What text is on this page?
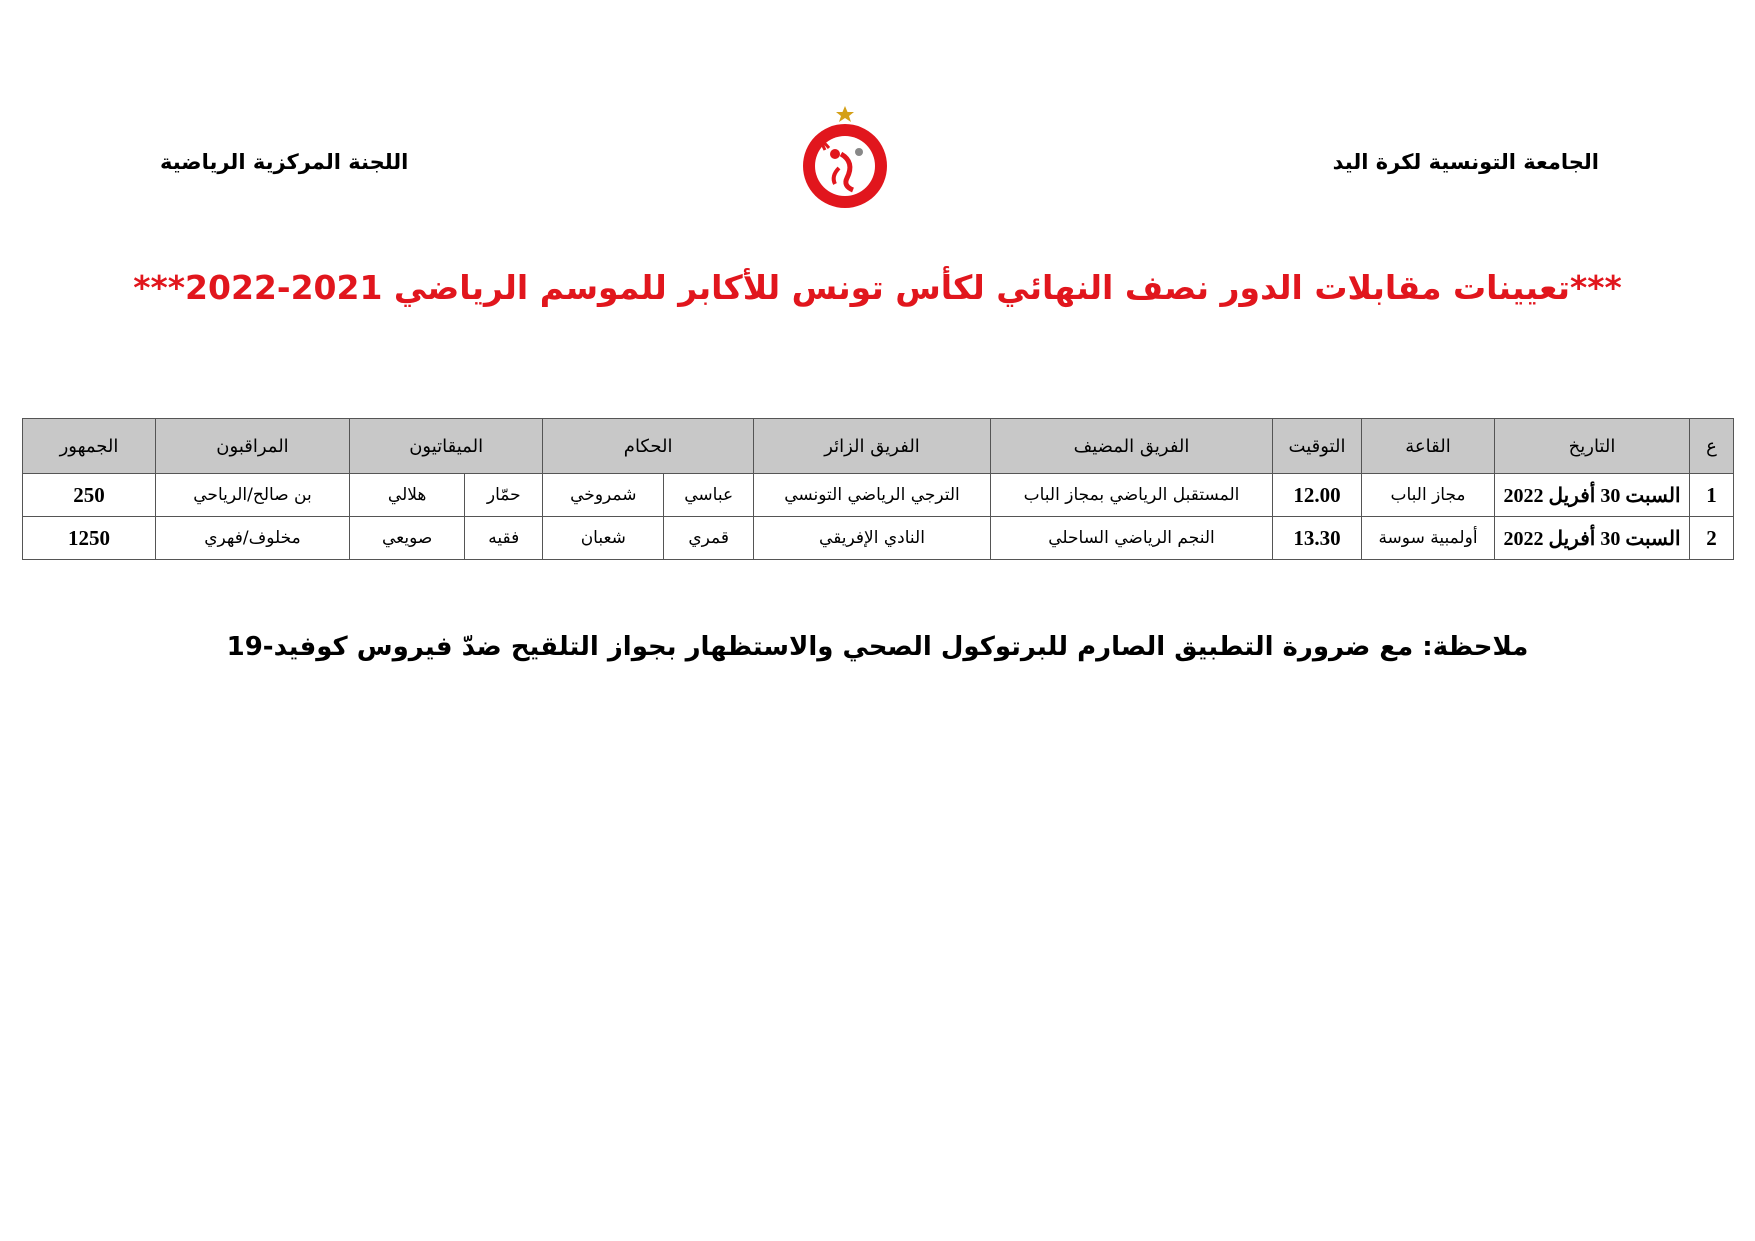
الجامعة التونسية لكرة اليد
اللجنة المركزية الرياضية
***تعيينات مقابلات الدور نصف النهائي لكأس تونس للأكابر للموسم الرياضي 2021-2022***
ع	التاريخ	القاعة	التوقيت	الفريق المضيف	الفريق الزائر	الحكام		الميقاتيون		المراقبون	الجمهور
1	السبت 30 أفريل 2022	مجاز الباب	12.00	المستقبل الرياضي بمجاز الباب	الترجي الرياضي التونسي	عباسي	شمروخي	حمّار	هلالي	بن صالح/الرياحي	250
2	السبت 30 أفريل 2022	أولمبية سوسة	13.30	النجم الرياضي الساحلي	النادي الإفريقي	قمري	شعبان	فقيه	صويعي	مخلوف/فهري	1250
ملاحظة: مع ضرورة التطبيق الصارم للبرتوكول الصحي والاستظهار بجواز التلقيح ضدّ فيروس كوفيد-19
